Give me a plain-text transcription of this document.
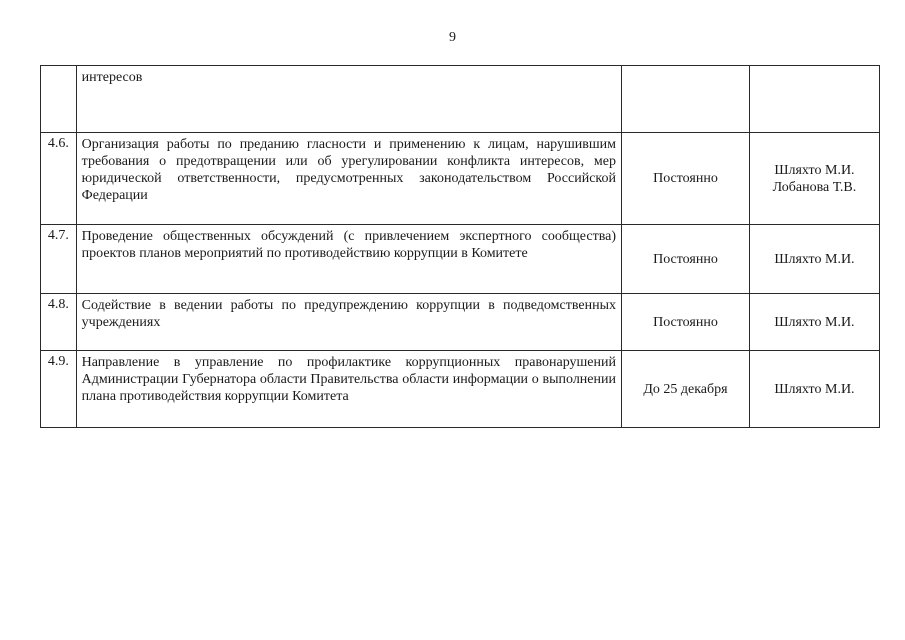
9
	интересов		
4.6.	Организация работы по преданию гласности и применению к лицам, нарушившим требования о предотвращении или об урегулировании конфликта интересов, мер юридической ответственности, предусмотренных законодательством Российской Федерации	Постоянно	Шляхто М.И.
Лобанова Т.В.

4.7.	Проведение общественных обсуждений (с привлечением экспертного сообщества) проектов планов мероприятий по противодействию коррупции в Комитете	Постоянно	Шляхто М.И.

4.8.	Содействие в ведении работы по предупреждению коррупции в подведомственных учреждениях	Постоянно	Шляхто М.И.

4.9.	Направление в управление по профилактике коррупционных правонарушений Администрации Губернатора области Правительства области информации о выполнении плана противодействия коррупции Комитета	До 25 декабря	Шляхто М.И.
